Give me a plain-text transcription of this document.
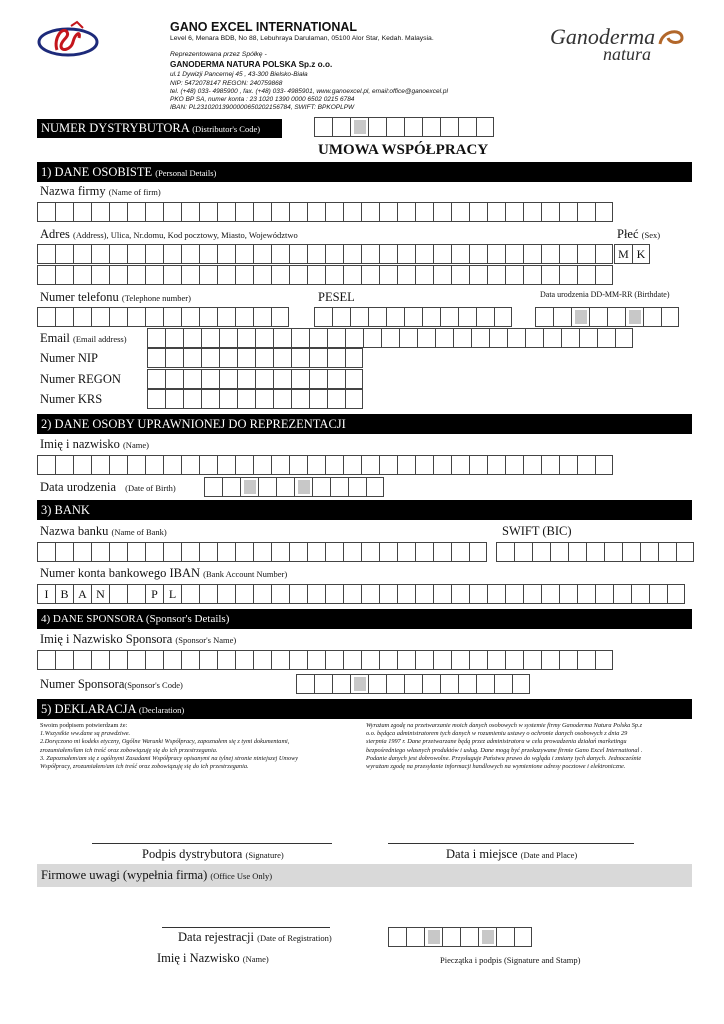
GANO EXCEL INTERNATIONAL
Level 6, Menara BDB, No 88, Lebuhraya Darulaman, 05100 Alor Star, Kedah. Malaysia.
Reprezentowana przez Spółkę -
GANODERMA NATURA POLSKA Sp.z o.o.
ul.1 Dywizji Pancernej 45 , 43-300 Bielsko-Biała
NIP: 5472078147 REGON: 240759868
tel. (+48) 033- 4985900 , fax. (+48) 033- 4985901, www.ganoexcel.pl, email:office@ganoexcel.pl
PKO BP SA, numer konta : 23 1020 1390 0000 6502 0215 6784
IBAN: PL23102013900000650202156784, SWIFT: BPKOPLPW
Ganoderma
natura
NUMER DYSTRYBUTORA (Distributor's Code)
UMOWA WSPÓŁPRACY
1) DANE OSOBISTE (Personal Details)
Nazwa firmy (Name of firm)
Adres (Address), Ulica, Nr.domu, Kod pocztowy, Miasto, Województwo	Płeć (Sex)
M K
Numer telefonu (Telephone number)	PESEL	Data urodzenia DD-MM-RR (Birthdate)
Email (Email address)
Numer NIP
Numer REGON
Numer KRS
2) DANE OSOBY UPRAWNIONEJ DO REPREZENTACJI
Imię i nazwisko (Name)
Data urodzenia (Date of Birth)
3) BANK
Nazwa banku (Name of Bank)	SWIFT (BIC)
Numer konta bankowego IBAN (Bank Account Number)
I B A N	P L
4) DANE SPONSORA (Sponsor's Details)
Imię i Nazwisko Sponsora (Sponsor's Name)
Numer Sponsora(Sponsor's Code)
5) DEKLARACJA (Declaration)
Swoim podpisem potwierdzam że:
1.Wszystkie ww.dane są prawdziwe.
2.Doręczono mi kodeks etyczny, Ogólne Warunki Współpracy, zapoznałem się z tymi dokumentami,
zrozumiałem/łam ich treść oraz zobowiązuję się do ich przestrzegania.
3. Zapoznałem/am się z ogólnymi Zasadami Współpracy opisanymi na tylnej stronie niniejszej Umowy
Współpracy, zrozumiałem/am ich treść oraz zobowiązuję się do ich przestrzegania.
Wyrażam zgodę na przetwarzanie moich danych osobowych w systemie firmy Ganoderma Natura Polska Sp.z
o.o. będąca administratorem tych danych w rozumieniu ustawy o ochronie danych osobowych z dnia 29
sierpnia 1997 r. Dane przetwarzane będą przez administratora w celu prowadzenia działań marketingu
bezpośredniego własnych produktów i usług. Dane mogą być przekazywane firmie Gano Excel International .
Podanie danych jest dobrowolne. Przysługuje Państwu prawo do wglądu i zmiany tych danych. Jednocześnie
wyrażam zgodę na przesyłanie informacji handlowych na wymienione adresy pocztowe i elektroniczne.
Podpis dystrybutora (Signature)	Data i miejsce (Date and Place)
Firmowe uwagi (wypełnia firma) (Office Use Only)
Data rejestracji (Date of Registration)
Imię i Nazwisko (Name)	Pieczątka i podpis (Signature and Stamp)
